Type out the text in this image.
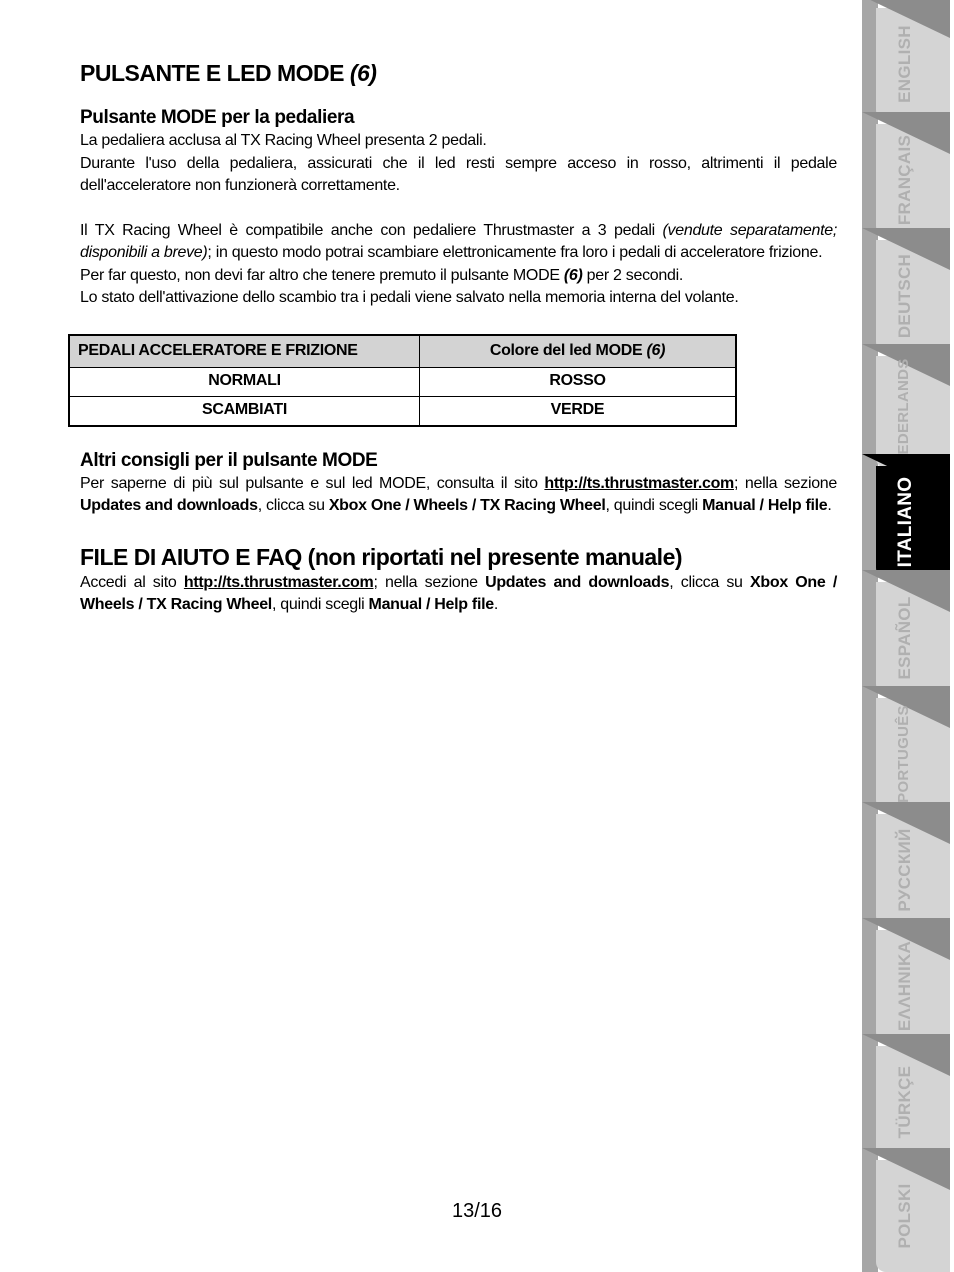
PULSANTE E LED MODE (6)
Pulsante MODE per la pedaliera

La pedaliera acclusa al TX Racing Wheel presenta 2 pedali.

Durante l'uso della pedaliera, assicurati che il led resti sempre acceso in rosso, altrimenti il pedale dell'acceleratore non funzionerà correttamente.

Il TX Racing Wheel è compatibile anche con pedaliere Thrustmaster a 3 pedali (vendute separatamente; disponibili a breve); in questo modo potrai scambiare elettronicamente fra loro i pedali di acceleratore frizione.

Per far questo, non devi far altro che tenere premuto il pulsante MODE (6) per 2 secondi.

Lo stato dell'attivazione dello scambio tra i pedali viene salvato nella memoria interna del volante.

PEDALI ACCELERATORE E FRIZIONE	Colore del led MODE (6)
NORMALI	ROSSO
SCAMBIATI	VERDE
Altri consigli per il pulsante MODE

Per saperne di più sul pulsante e sul led MODE, consulta il sito http://ts.thrustmaster.com; nella sezione Updates and downloads, clicca su Xbox One / Wheels / TX Racing Wheel, quindi scegli Manual / Help file.

FILE DI AIUTO E FAQ (non riportati nel presente manuale)

Accedi al sito http://ts.thrustmaster.com; nella sezione Updates and downloads, clicca su Xbox One / Wheels / TX Racing Wheel, quindi scegli Manual / Help file.

13/16
ENGLISH
FRANÇAIS
DEUTSCH
NEDERLANDS
ITALIANO
ESPAÑOL
PORTUGUÊS
РУССКИЙ
ΕΛΛΗΝΙΚΑ
TÜRKÇE
POLSKI
